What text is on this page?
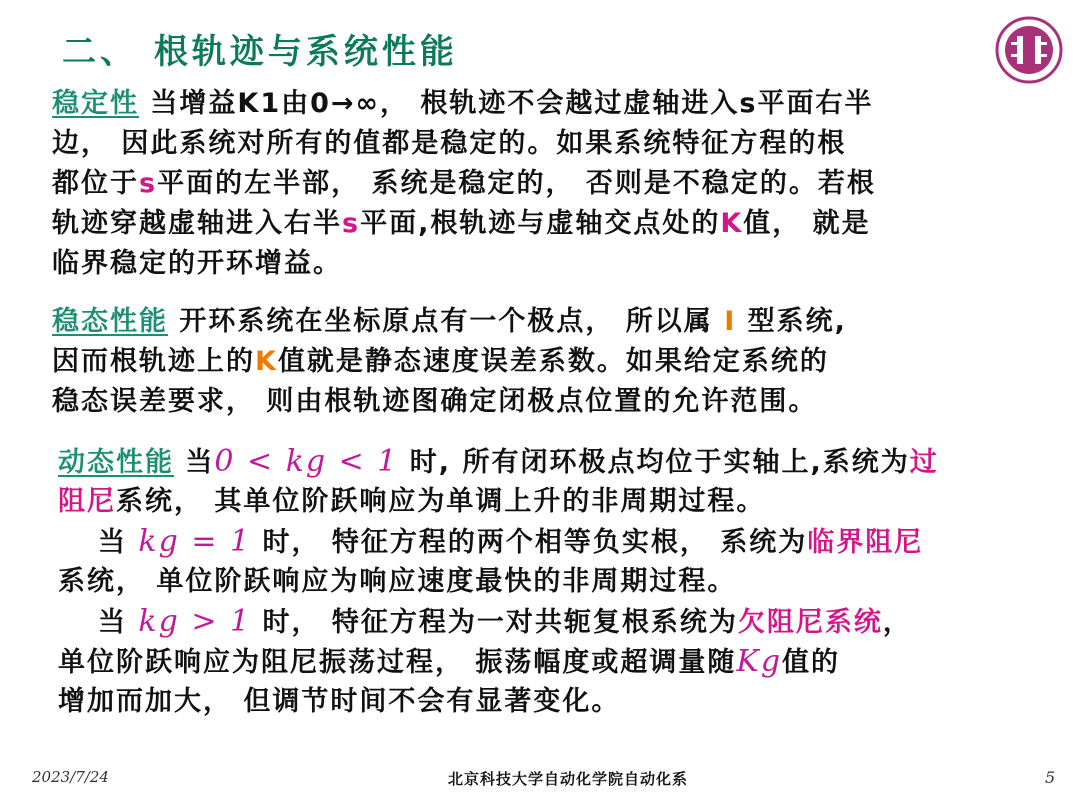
二、 根轨迹与系统性能
稳定性 当增益K1由0→∞， 根轨迹不会越过虚轴进入s平面右半
边， 因此系统对所有的值都是稳定的。如果系统特征方程的根
都位于s平面的左半部， 系统是稳定的， 否则是不稳定的。若根
轨迹穿越虚轴进入右半s平面,根轨迹与虚轴交点处的K值， 就是
临界稳定的开环增益。
稳态性能 开环系统在坐标原点有一个极点， 所以属 I 型系统,
因而根轨迹上的K值就是静态速度误差系数。如果给定系统的
稳态误差要求， 则由根轨迹图确定闭极点位置的允许范围。
动态性能 当0 < kg < 1 时, 所有闭环极点均位于实轴上,系统为过
阻尼系统， 其单位阶跃响应为单调上升的非周期过程。
当 kg = 1 时， 特征方程的两个相等负实根， 系统为临界阻尼
系统， 单位阶跃响应为响应速度最快的非周期过程。
当 kg > 1 时， 特征方程为一对共轭复根系统为欠阻尼系统，
单位阶跃响应为阻尼振荡过程， 振荡幅度或超调量随Kg值的
增加而加大， 但调节时间不会有显著变化。
2023/7/24	北京科技大学自动化学院自动化系	5
